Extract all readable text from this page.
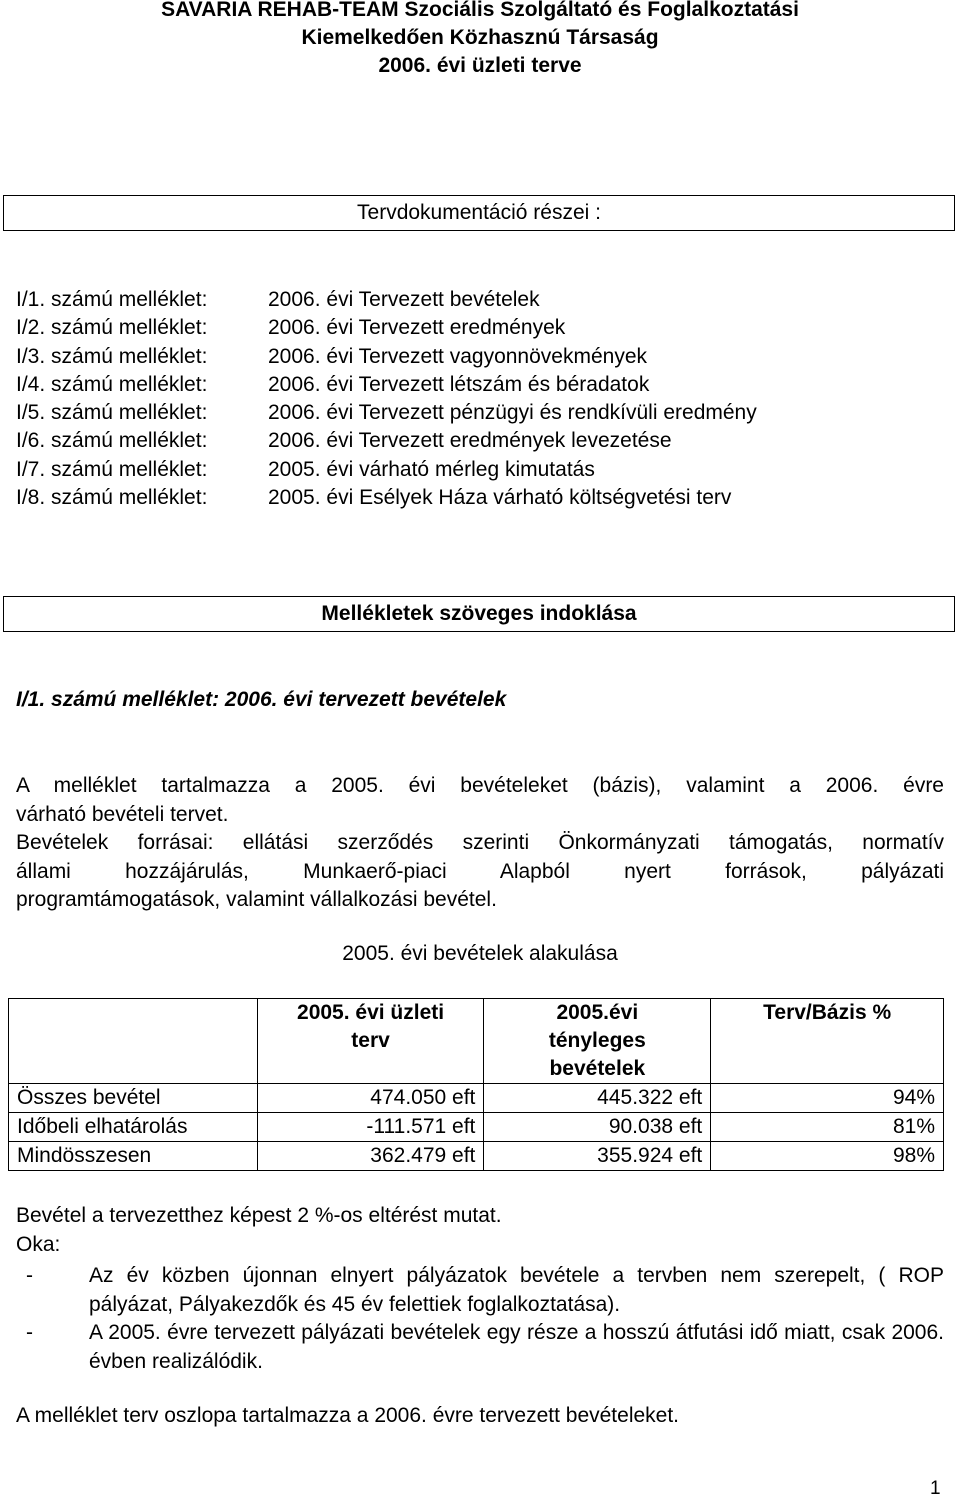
SAVARIA REHAB-TEAM Szociális Szolgáltató és Foglalkoztatási
Kiemelkedően Közhasznú Társaság
2006. évi üzleti terve
Tervdokumentáció részei :
I/1. számú melléklet:	2006. évi Tervezett bevételek
I/2. számú melléklet:	2006. évi Tervezett eredmények
I/3. számú melléklet:	2006. évi Tervezett vagyonnövekmények
I/4. számú melléklet:	2006. évi Tervezett létszám és béradatok
I/5. számú melléklet:	2006. évi Tervezett pénzügyi és rendkívüli eredmény
I/6. számú melléklet:	2006. évi Tervezett eredmények levezetése
I/7. számú melléklet:	2005. évi várható mérleg kimutatás
I/8. számú melléklet:	2005. évi Esélyek Háza várható költségvetési terv
Mellékletek szöveges indoklása
I/1. számú melléklet: 2006. évi tervezett bevételek
A melléklet tartalmazza a 2005. évi bevételeket (bázis), valamint a 2006. évre
várható bevételi tervet.
Bevételek forrásai: ellátási szerződés szerinti Önkormányzati támogatás, normatív
állami hozzájárulás, Munkaerő-piaci Alapból nyert források, pályázati
programtámogatások, valamint vállalkozási bevétel.
2005. évi bevételek alakulása
	2005. évi üzleti terv	2005.évi tényleges bevételek	Terv/Bázis %
Összes bevétel	474.050 eft	445.322 eft	94%
Időbeli elhatárolás	-111.571 eft	90.038 eft	81%
Mindösszesen	362.479 eft	355.924 eft	98%
Bevétel a tervezetthez képest 2 %-os eltérést mutat.
Oka:
-	Az év közben újonnan elnyert pályázatok bevétele a tervben nem szerepelt, ( ROP pályázat, Pályakezdők és 45 év felettiek foglalkoztatása).
-	A 2005. évre tervezett pályázati bevételek egy része a hosszú átfutási idő miatt, csak 2006. évben realizálódik.
A melléklet terv oszlopa tartalmazza a 2006. évre tervezett bevételeket.
1
